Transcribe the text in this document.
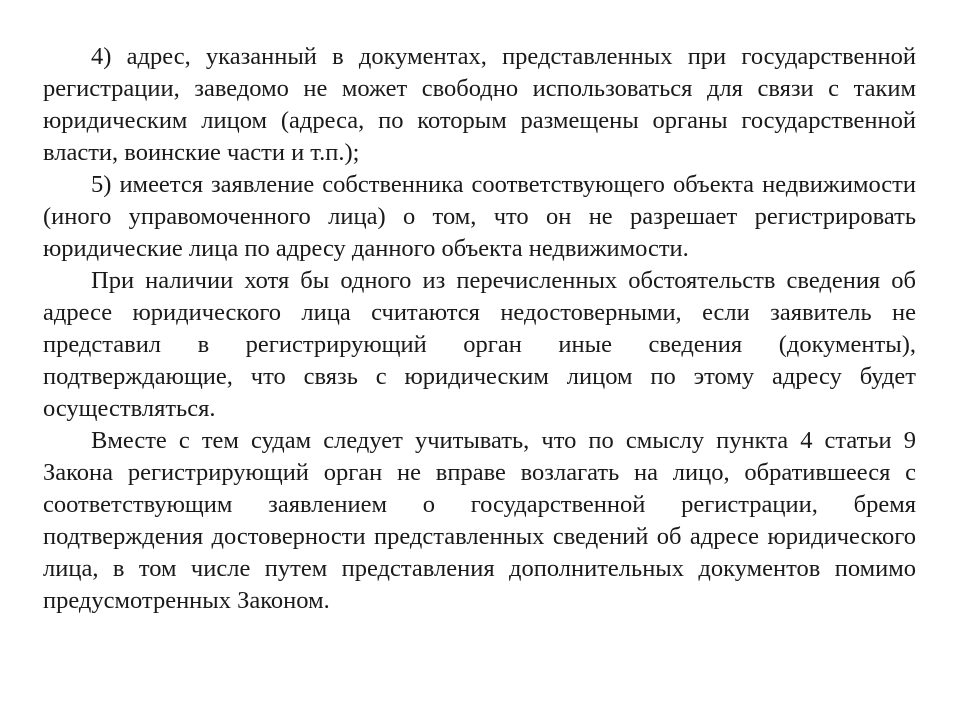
4) адрес, указанный в документах, представленных при государственной регистрации, заведомо не может свободно использоваться для связи с таким юридическим лицом (адреса, по которым размещены органы государственной власти, воинские части и т.п.);

5) имеется заявление собственника соответствующего объекта недвижимости (иного управомоченного лица) о том, что он не разрешает регистрировать юридические лица по адресу данного объекта недвижимости.

При наличии хотя бы одного из перечисленных обстоятельств сведения об адресе юридического лица считаются недостоверными, если заявитель не представил в регистрирующий орган иные сведения (документы), подтверждающие, что связь с юридическим лицом по этому адресу будет осуществляться.

Вместе с тем судам следует учитывать, что по смыслу пункта 4 статьи 9 Закона регистрирующий орган не вправе возлагать на лицо, обратившееся с соответствующим заявлением о государственной регистрации, бремя подтверждения достоверности представленных сведений об адресе юридического лица, в том числе путем представления дополнительных документов помимо предусмотренных Законом.
